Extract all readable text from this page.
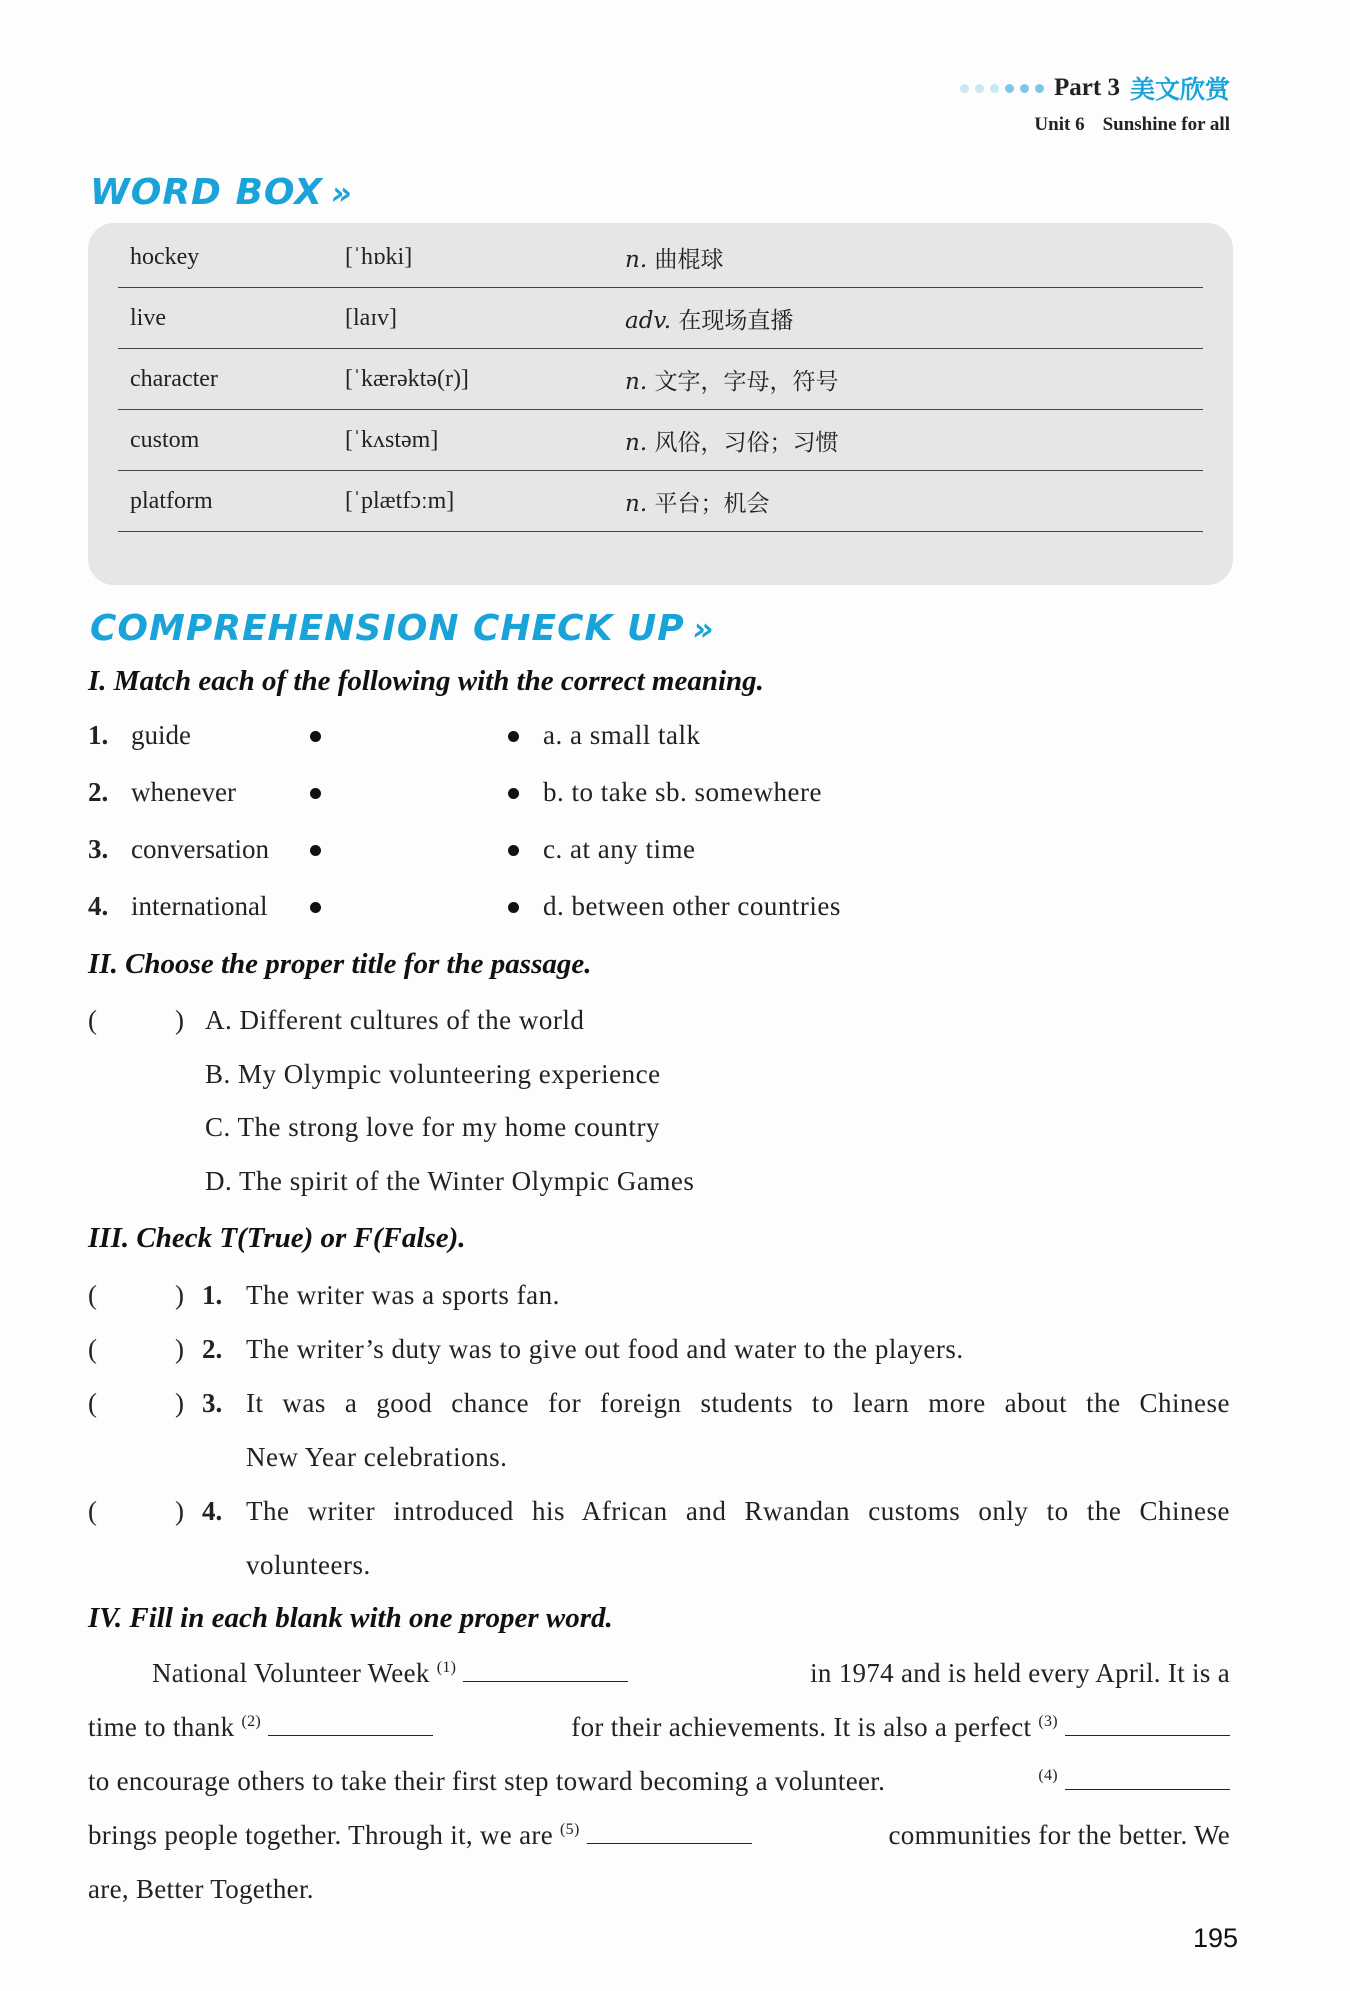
Part 3 美文欣赏
Unit 6 Sunshine for all
WORD BOX »
hockey	[ˈhɒki]	n. 曲棍球
live	[laɪv]	adv. 在现场直播
character	[ˈkærəktə(r)]	n. 文字，字母，符号
custom	[ˈkʌstəm]	n. 风俗，习俗；习惯
platform	[ˈplætfɔːm]	n. 平台；机会
COMPREHENSION CHECK UP »
I. Match each of the following with the correct meaning.
1. guide	a. a small talk
2. whenever	b. to take sb. somewhere
3. conversation	c. at any time
4. international	d. between other countries
II. Choose the proper title for the passage.
(	) A. Different cultures of the world
B. My Olympic volunteering experience
C. The strong love for my home country
D. The spirit of the Winter Olympic Games
III. Check T(True) or F(False).
(	) 1. The writer was a sports fan.
(	) 2. The writer’s duty was to give out food and water to the players.
(	) 3. It was a good chance for foreign students to learn more about the Chinese
New Year celebrations.
(	) 4. The writer introduced his African and Rwandan customs only to the Chinese
volunteers.
IV. Fill in each blank with one proper word.
National Volunteer Week $^{(1)}$	in 1974 and is held every April. It is a
time to thank $^{(2)}$	for their achievements. It is also a perfect $^{(3)}$
to encourage others to take their first step toward becoming a volunteer.	$^{(4)}$
brings people together. Through it, we are $^{(5)}$	communities for the better. We
are, Better Together.
195
